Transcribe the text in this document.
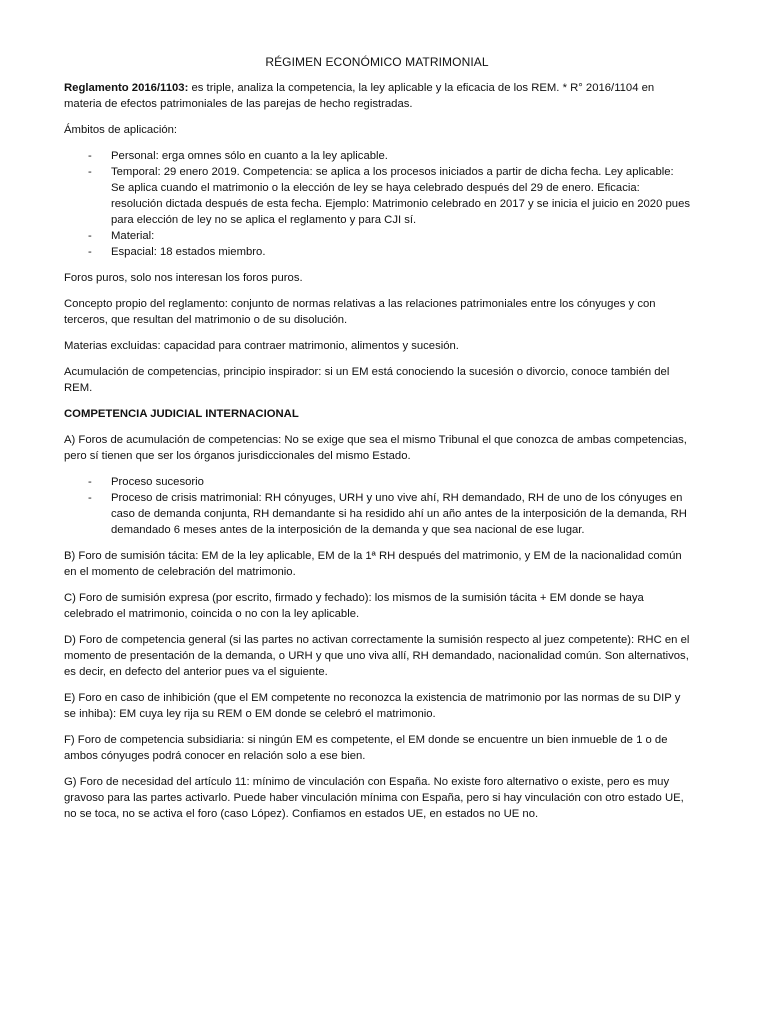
RÉGIMEN ECONÓMICO MATRIMONIAL

Reglamento 2016/1103: es triple, analiza la competencia, la ley aplicable y la eficacia de los REM. * R° 2016/1104 en materia de efectos patrimoniales de las parejas de hecho registradas.

Ámbitos de aplicación:

- Personal: erga omnes sólo en cuanto a la ley aplicable.
- Temporal: 29 enero 2019. Competencia: se aplica a los procesos iniciados a partir de dicha fecha. Ley aplicable: Se aplica cuando el matrimonio o la elección de ley se haya celebrado después del 29 de enero. Eficacia: resolución dictada después de esta fecha. Ejemplo: Matrimonio celebrado en 2017 y se inicia el juicio en 2020 pues para elección de ley no se aplica el reglamento y para CJI sí.
- Material:
- Espacial: 18 estados miembro.

Foros puros, solo nos interesan los foros puros.

Concepto propio del reglamento: conjunto de normas relativas a las relaciones patrimoniales entre los cónyuges y con terceros, que resultan del matrimonio o de su disolución.

Materias excluidas: capacidad para contraer matrimonio, alimentos y sucesión.

Acumulación de competencias, principio inspirador: si un EM está conociendo la sucesión o divorcio, conoce también del REM.

COMPETENCIA JUDICIAL INTERNACIONAL

A) Foros de acumulación de competencias: No se exige que sea el mismo Tribunal el que conozca de ambas competencias, pero sí tienen que ser los órganos jurisdiccionales del mismo Estado.

- Proceso sucesorio
- Proceso de crisis matrimonial: RH cónyuges, URH y uno vive ahí, RH demandado, RH de uno de los cónyuges en caso de demanda conjunta, RH demandante si ha residido ahí un año antes de la interposición de la demanda, RH demandado 6 meses antes de la interposición de la demanda y que sea nacional de ese lugar.

B) Foro de sumisión tácita: EM de la ley aplicable, EM de la 1ª RH después del matrimonio, y EM de la nacionalidad común en el momento de celebración del matrimonio.

C) Foro de sumisión expresa (por escrito, firmado y fechado): los mismos de la sumisión tácita + EM donde se haya celebrado el matrimonio, coincida o no con la ley aplicable.

D) Foro de competencia general (si las partes no activan correctamente la sumisión respecto al juez competente): RHC en el momento de presentación de la demanda, o URH y que uno viva allí, RH demandado, nacionalidad común. Son alternativos, es decir, en defecto del anterior pues va el siguiente.

E) Foro en caso de inhibición (que el EM competente no reconozca la existencia de matrimonio por las normas de su DIP y se inhiba): EM cuya ley rija su REM o EM donde se celebró el matrimonio.

F) Foro de competencia subsidiaria: si ningún EM es competente, el EM donde se encuentre un bien inmueble de 1 o de ambos cónyuges podrá conocer en relación solo a ese bien.

G) Foro de necesidad del artículo 11: mínimo de vinculación con España. No existe foro alternativo o existe, pero es muy gravoso para las partes activarlo. Puede haber vinculación mínima con España, pero si hay vinculación con otro estado UE, no se toca, no se activa el foro (caso López). Confiamos en estados UE, en estados no UE no.
